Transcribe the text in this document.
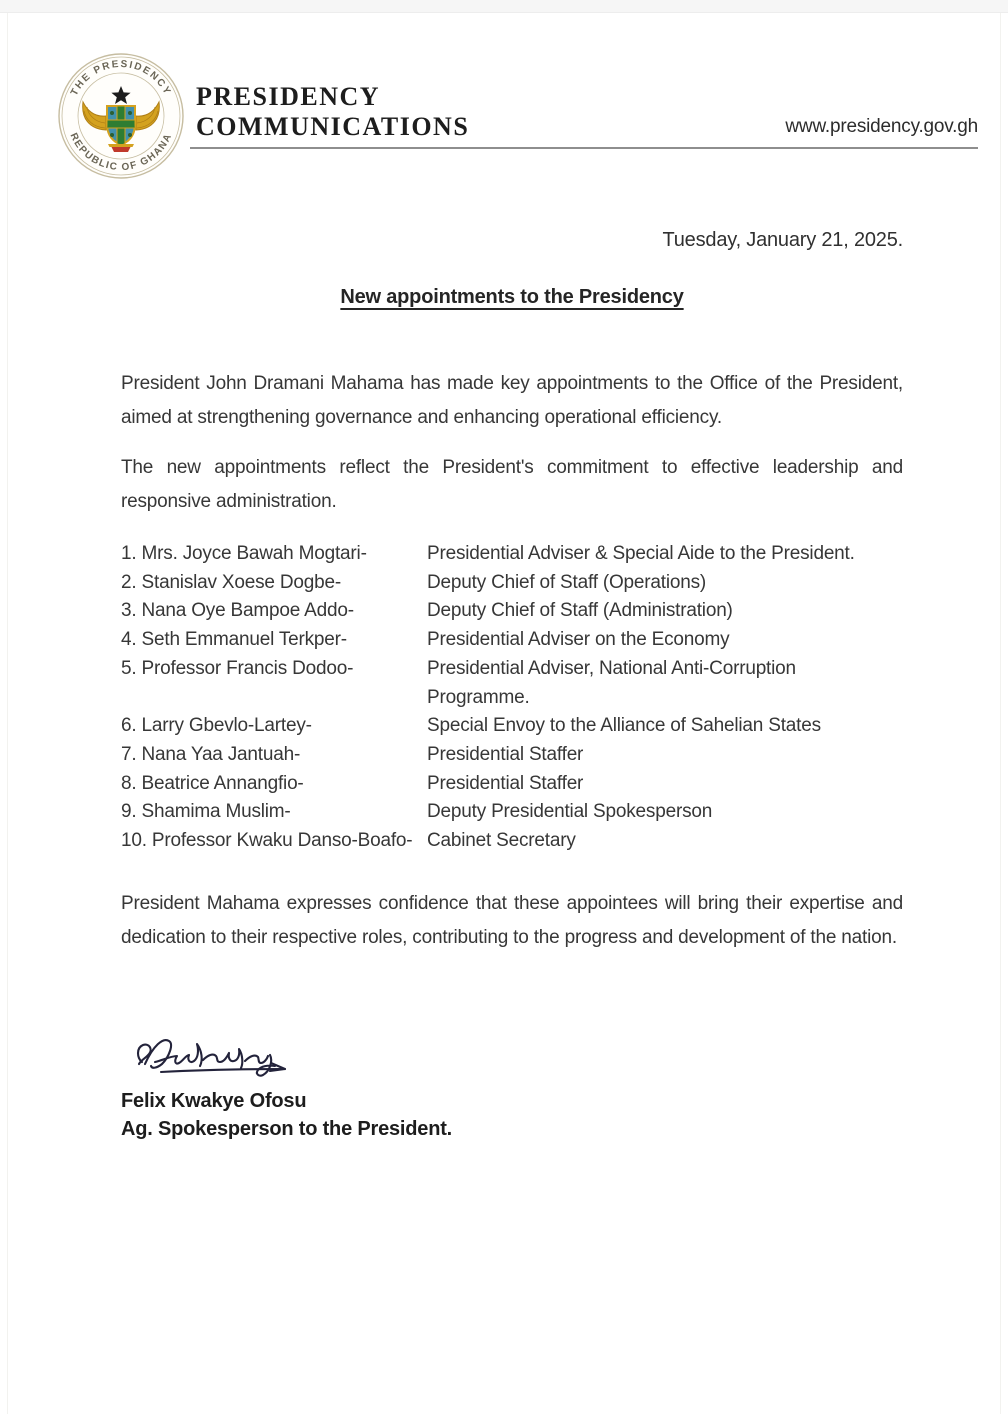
THE PRESIDENCY
REPUBLIC OF GHANA
PRESIDENCY
COMMUNICATIONS	www.presidency.gov.gh
Tuesday, January 21, 2025.
New appointments to the Presidency

President John Dramani Mahama has made key appointments to the Office of the President, aimed at strengthening governance and enhancing operational efficiency.

The new appointments reflect the President's commitment to effective leadership and responsive administration.

1. Mrs. Joyce Bawah Mogtari-	Presidential Adviser & Special Aide to the President.
2. Stanislav Xoese Dogbe-	Deputy Chief of Staff (Operations)
3. Nana Oye Bampoe Addo-	Deputy Chief of Staff (Administration)
4. Seth Emmanuel Terkper-	Presidential Adviser on the Economy
5. Professor Francis Dodoo-	Presidential Adviser, National Anti-Corruption Programme.
6. Larry Gbevlo-Lartey-	Special Envoy to the Alliance of Sahelian States
7. Nana Yaa Jantuah-	Presidential Staffer
8. Beatrice Annangfio-	Presidential Staffer
9. Shamima Muslim-	Deputy Presidential Spokesperson
10. Professor Kwaku Danso-Boafo- Cabinet Secretary

President Mahama expresses confidence that these appointees will bring their expertise and dedication to their respective roles, contributing to the progress and development of the nation.

Felix Kwakye Ofosu
Ag. Spokesperson to the President.
